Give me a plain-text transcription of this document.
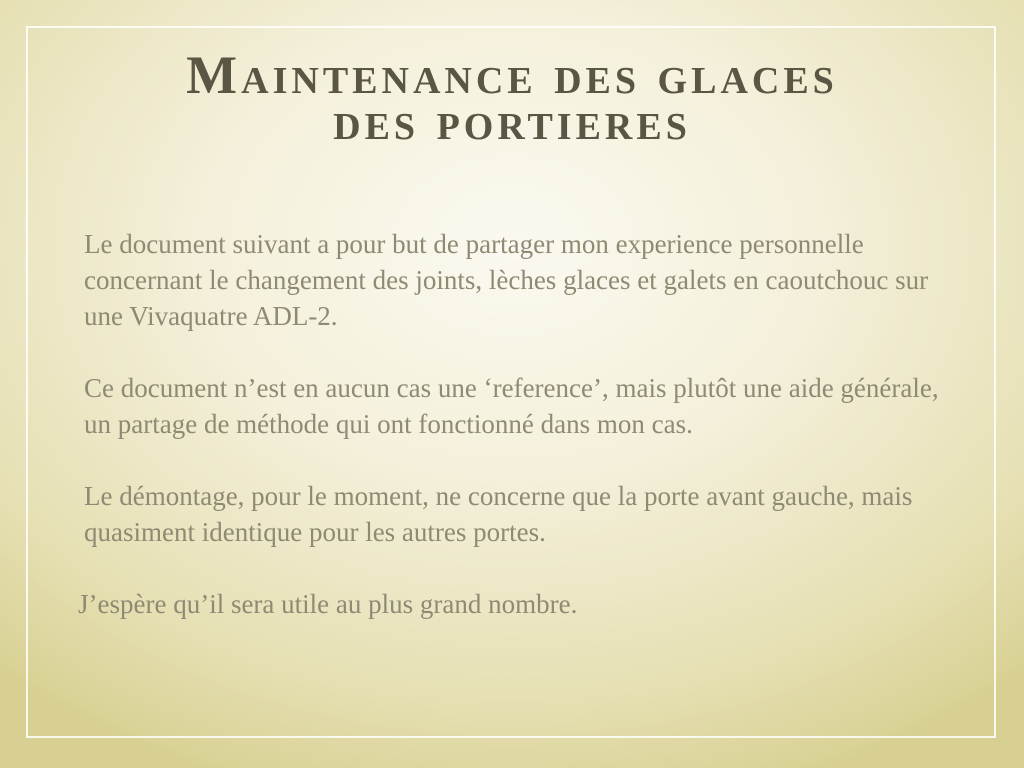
Maintenance des glaces
des portieres

Le document suivant a pour but de partager mon experience personnelle concernant le changement des joints, lèches glaces et galets en caoutchouc sur une Vivaquatre ADL-2.

Ce document n’est en aucun cas une ‘reference’, mais plutôt une aide générale, un partage de méthode qui ont fonctionné dans mon cas.

Le démontage, pour le moment, ne concerne que la porte avant gauche, mais quasiment identique pour les autres portes.

J’espère qu’il sera utile au plus grand nombre.
